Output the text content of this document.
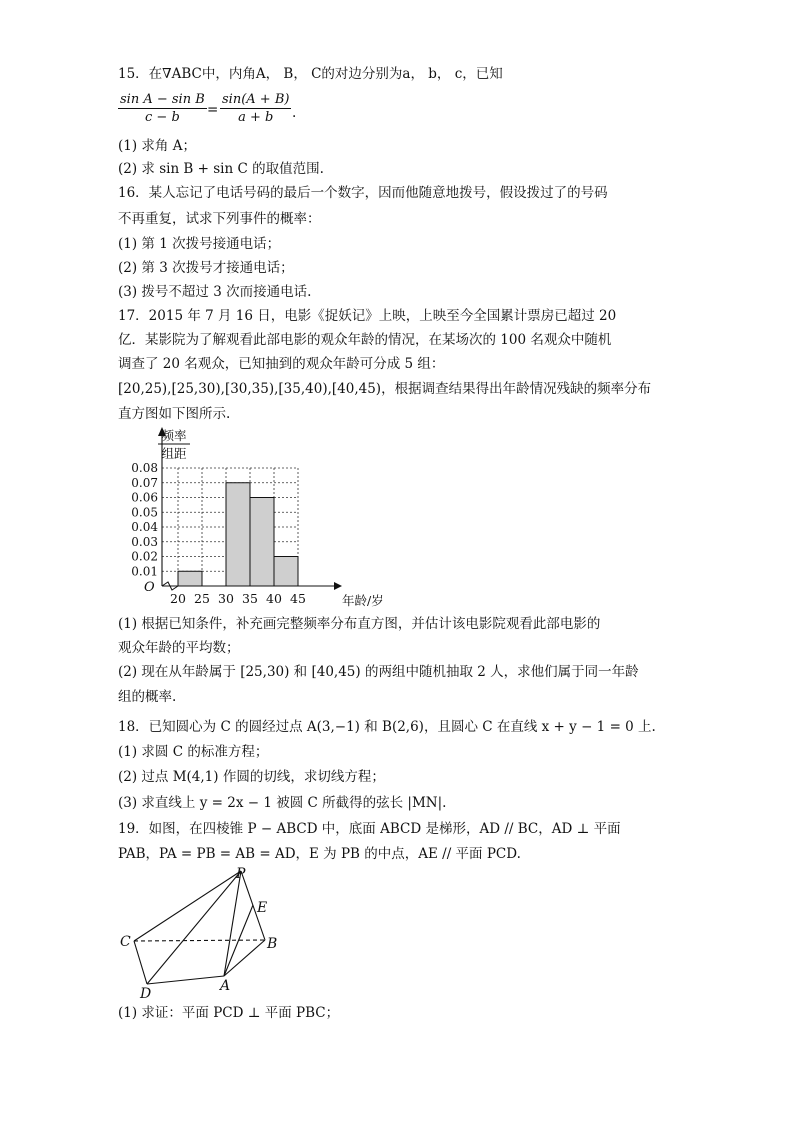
15．在∇ABC中，内角A， B， C的对边分别为a， b， c，已知
sin A − sin B
c − b	=
sin(A + B)
a + b	.
(1) 求角 A；
(2) 求 sin B + sin C 的取值范围.
16．某人忘记了电话号码的最后一个数字，因而他随意地拨号，假设拨过了的号码
不再重复，试求下列事件的概率：
(1) 第 1 次拨号接通电话；
(2) 第 3 次拨号才接通电话；
(3) 拨号不超过 3 次而接通电话.
17．2015 年 7 月 16 日，电影《捉妖记》上映，上映至今全国累计票房已超过 20
亿．某影院为了解观看此部电影的观众年龄的情况，在某场次的 100 名观众中随机
调查了 20 名观众，已知抽到的观众年龄可分成 5 组：
[20,25),[25,30),[30,35),[35,40),[40,45)，根据调查结果得出年龄情况残缺的频率分布
直方图如下图所示.
0.01
0.02
0.03
0.04
0.05
0.06
0.07
0.08
20 25 30 35 40 45
O
年龄/岁
频率
组距
(1) 根据已知条件，补充画完整频率分布直方图，并估计该电影院观看此部电影的
观众年龄的平均数；
(2) 现在从年龄属于 [25,30) 和 [40,45) 的两组中随机抽取 2 人，求他们属于同一年龄
组的概率.
18．已知圆心为 C 的圆经过点 A(3,−1) 和 B(2,6)，且圆心 C 在直线 x + y − 1 = 0 上.
(1) 求圆 C 的标准方程；
(2) 过点 M(4,1) 作圆的切线，求切线方程；
(3) 求直线上 y = 2x − 1 被圆 C 所截得的弦长 |MN|.
19．如图，在四棱锥 P − ABCD 中，底面 ABCD 是梯形，AD // BC，AD ⊥ 平面
PAB，PA = PB = AB = AD，E 为 PB 的中点，AE // 平面 PCD.
P
E
B
C
D	A
(1) 求证：平面 PCD ⊥ 平面 PBC；
